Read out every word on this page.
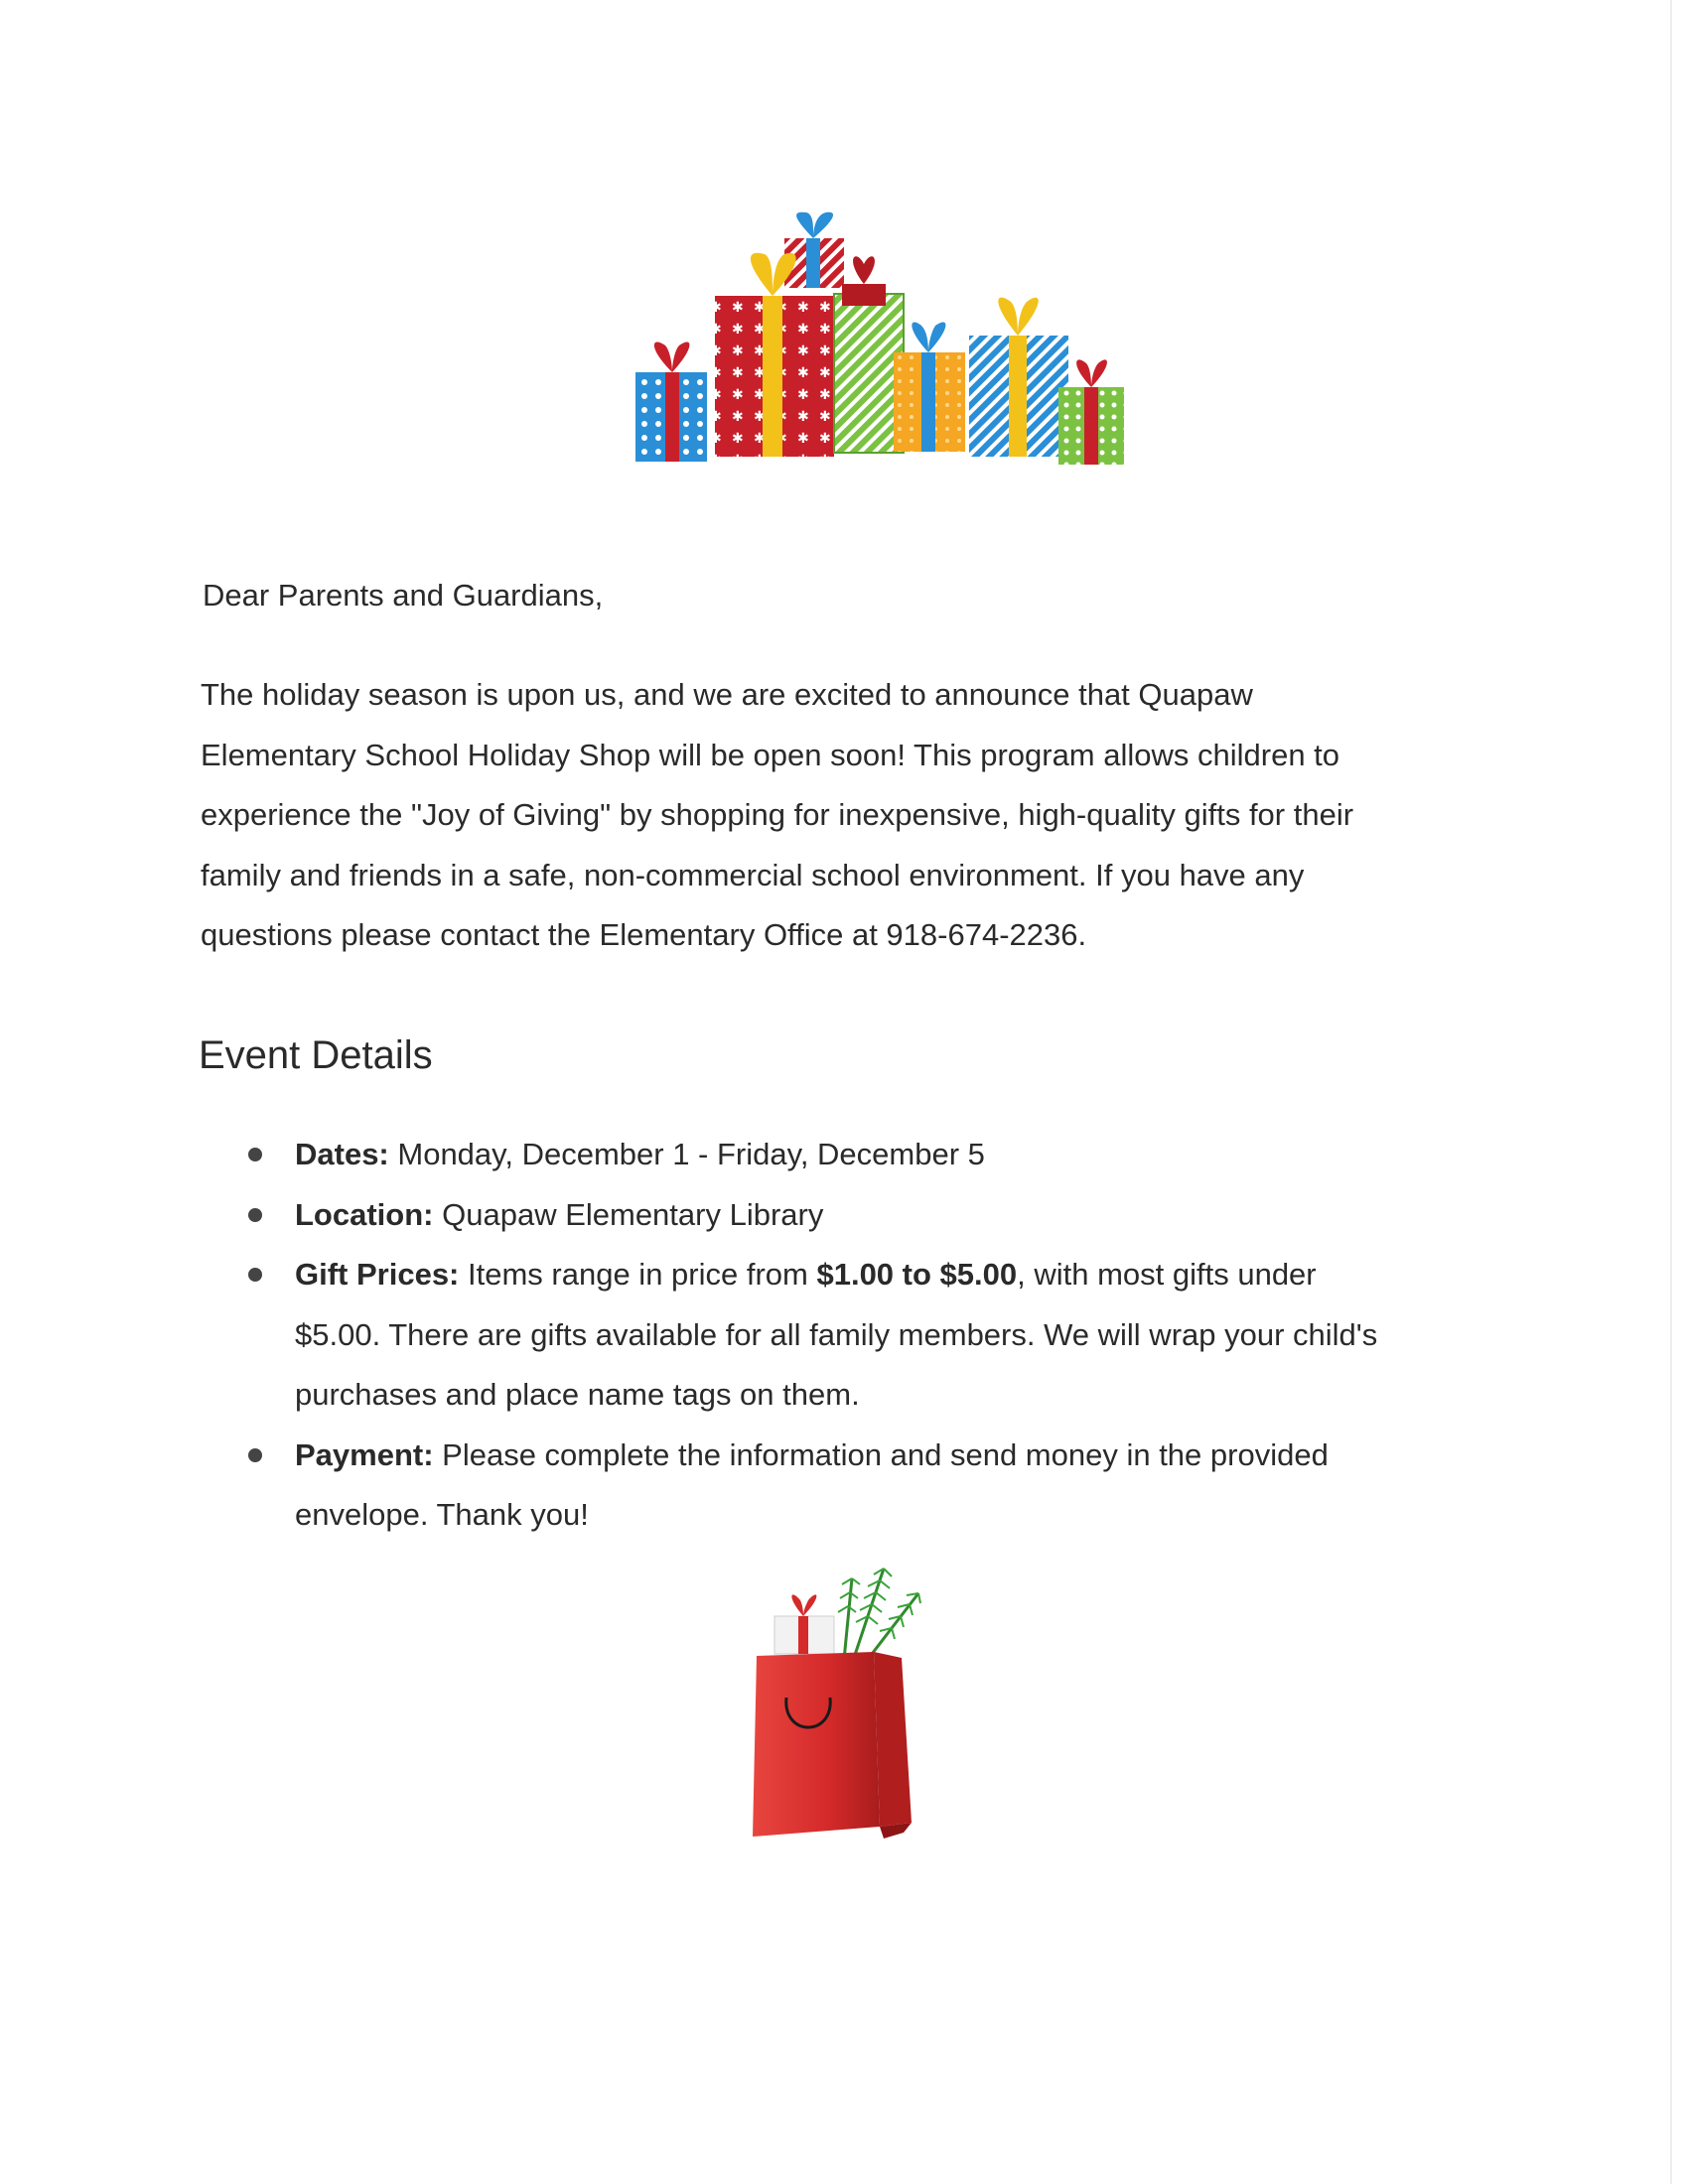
Dear Parents and Guardians,

The holiday season is upon us, and we are excited to announce that Quapaw
Elementary School Holiday Shop will be open soon! This program allows children to
experience the "Joy of Giving" by shopping for inexpensive, high-quality gifts for their
family and friends in a safe, non-commercial school environment. If you have any
questions please contact the Elementary Office at 918-674-2236.
Event Details
Dates: Monday, December 1 - Friday, December 5
Location: Quapaw Elementary Library
Gift Prices: Items range in price from $1.00 to $5.00, with most gifts under
$5.00. There are gifts available for all family members. We will wrap your child's
purchases and place name tags on them.
Payment: Please complete the information and send money in the provided
envelope. Thank you!
